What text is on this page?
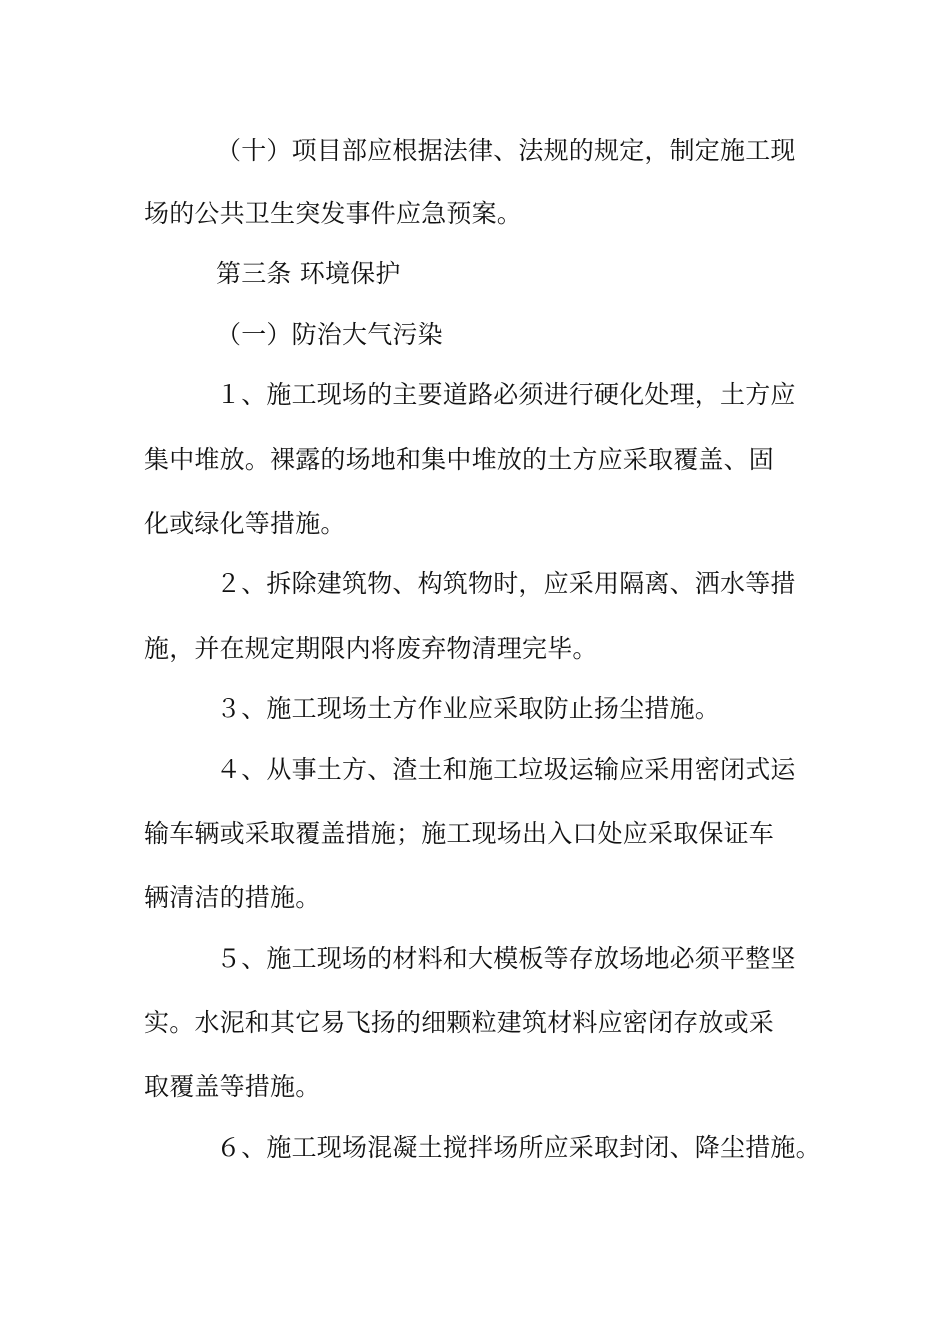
（十）项目部应根据法律、法规的规定，制定施工现
场的公共卫生突发事件应急预案。
第三条 环境保护
（一）防治大气污染
１、施工现场的主要道路必须进行硬化处理，土方应
集中堆放。裸露的场地和集中堆放的土方应采取覆盖、固
化或绿化等措施。
２、拆除建筑物、构筑物时，应采用隔离、洒水等措
施，并在规定期限内将废弃物清理完毕。
３、施工现场土方作业应采取防止扬尘措施。
４、从事土方、渣土和施工垃圾运输应采用密闭式运
输车辆或采取覆盖措施；施工现场出入口处应采取保证车
辆清洁的措施。
５、施工现场的材料和大模板等存放场地必须平整坚
实。水泥和其它易飞扬的细颗粒建筑材料应密闭存放或采
取覆盖等措施。
６、施工现场混凝土搅拌场所应采取封闭、降尘措施。
